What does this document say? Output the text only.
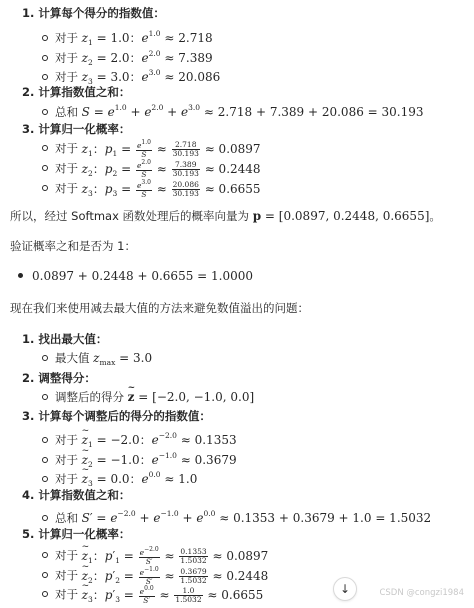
1. 计算每个得分的指数值：
对于 $z_1 = 1.0$：$e^{1.0} \approx 2.718$
对于 $z_2 = 2.0$：$e^{2.0} \approx 7.389$
对于 $z_3 = 3.0$：$e^{3.0} \approx 20.086$
2. 计算指数值之和：
总和 $S = e^{1.0} + e^{2.0} + e^{3.0} \approx 2.718 + 7.389 + 20.086 = 30.193$
3. 计算归一化概率：
对于 $z_1$：$p_1 = \frac{e^{1.0}}{S} \approx \frac{2.718}{30.193} \approx 0.0897$
对于 $z_2$：$p_2 = \frac{e^{2.0}}{S} \approx \frac{7.389}{30.193} \approx 0.2448$
对于 $z_3$：$p_3 = \frac{e^{3.0}}{S} \approx \frac{20.086}{30.193} \approx 0.6655$
所以，经过 Softmax 函数处理后的概率向量为 p = [0.0897, 0.2448, 0.6655]。
验证概率之和是否为 1：
0.0897 + 0.2448 + 0.6655 = 1.0000
现在我们来使用减去最大值的方法来避免数值溢出的问题：
1. 找出最大值：
最大值 $z_{max} = 3.0$
2. 调整得分：
调整后的得分 ~ z = [−2.0, −1.0, 0.0]
3. 计算每个调整后的得分的指数值：
对于 ~ $z_1 = -2.0$：$e^{-2.0} \approx 0.1353$
对于 ~ $z_2 = -1.0$：$e^{-1.0} \approx 0.3679$
对于 ~ $z_3 = 0.0$：$e^{0.0} \approx 1.0$
4. 计算指数值之和：
总和 $S' = e^{-2.0} + e^{-1.0} + e^{0.0} \approx 0.1353 + 0.3679 + 1.0 = 1.5032$
5. 计算归一化概率：
对于 ~ $z_1$：$p'_1 = \frac{e^{-2.0}}{S'} \approx \frac{0.1353}{1.5032} \approx 0.0897$
对于 ~ $z_2$：$p'_2 = \frac{e^{-1.0}}{S'} \approx \frac{0.3679}{1.5032} \approx 0.2448$
对于 ~ $z_3$：$p'_3 = \frac{e^{0.0}}{S'} \approx \frac{1.0}{1.5032} \approx 0.6655$	↓	CSDN @congzi1984
